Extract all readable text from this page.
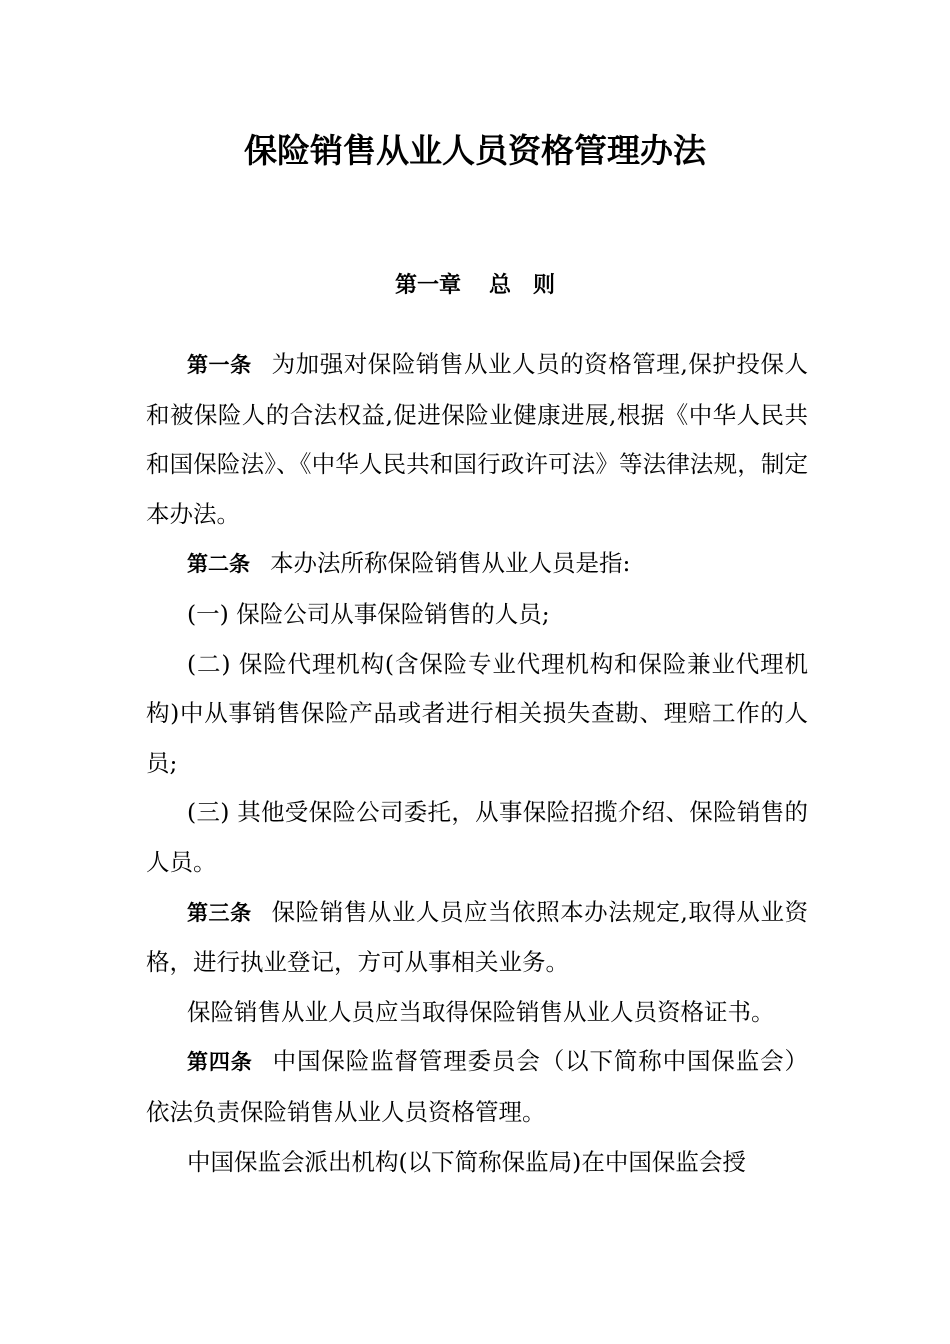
保险销售从业人员资格管理办法
第一章 总　则

第一条 为加强对保险销售从业人员的资格管理,保护投保人和被保险人的合法权益,促进保险业健康进展,根据《中华人民共和国保险法》、《中华人民共和国行政许可法》等法律法规，制定本办法。

第二条 本办法所称保险销售从业人员是指:

(一) 保险公司从事保险销售的人员;

(二) 保险代理机构(含保险专业代理机构和保险兼业代理机构)中从事销售保险产品或者进行相关损失查勘、理赔工作的人员;

(三) 其他受保险公司委托，从事保险招揽介绍、保险销售的人员。

第三条 保险销售从业人员应当依照本办法规定,取得从业资格，进行执业登记，方可从事相关业务。

保险销售从业人员应当取得保险销售从业人员资格证书。

第四条 中国保险监督管理委员会（以下简称中国保监会）依法负责保险销售从业人员资格管理。

中国保监会派出机构(以下简称保监局)在中国保监会授
